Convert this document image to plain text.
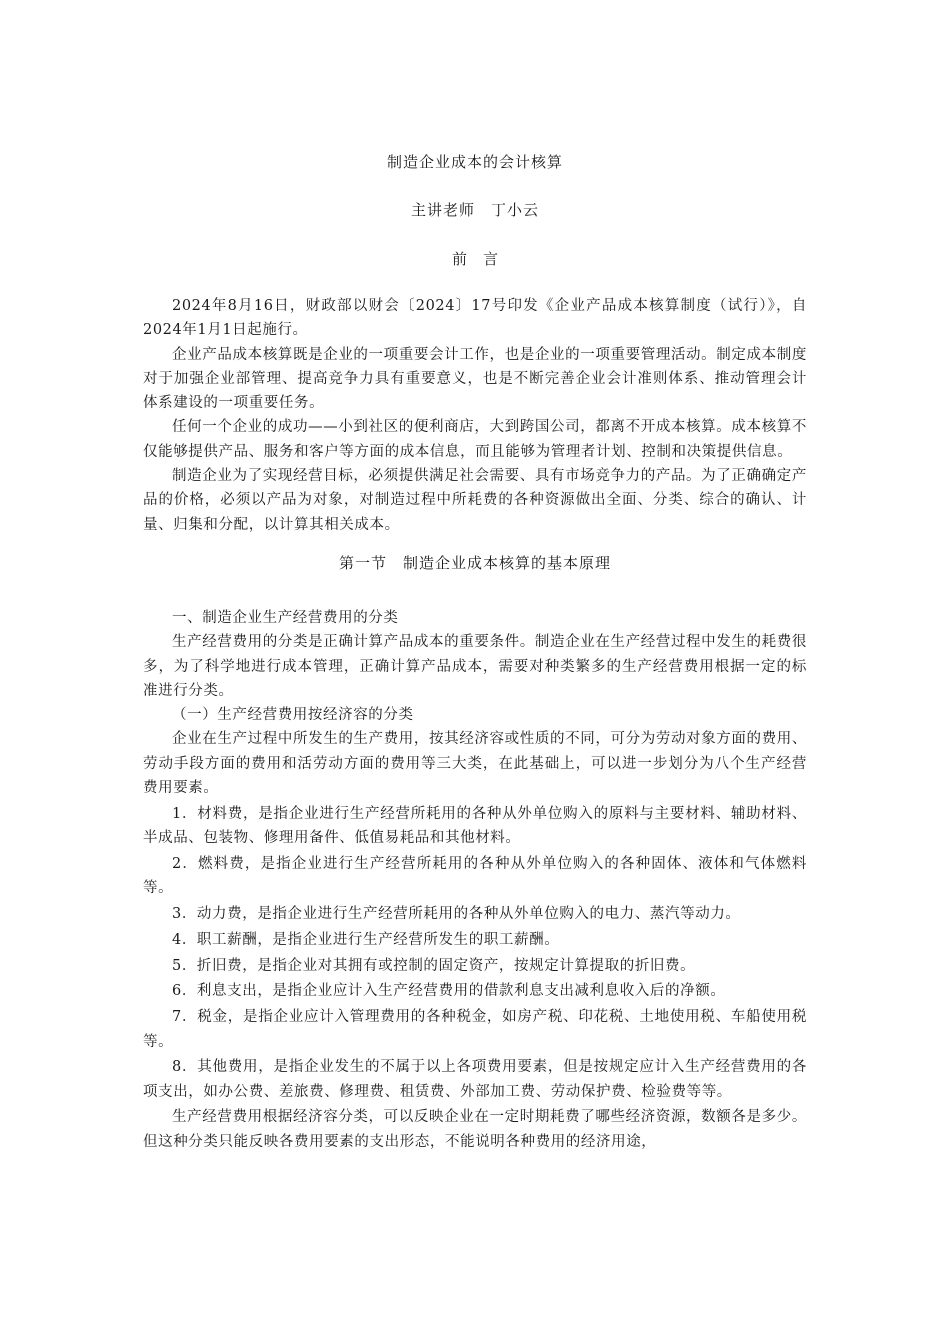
制造企业成本的会计核算
主讲老师　丁小云
前言

2024年8月16日，财政部以财会〔2024〕17号印发《企业产品成本核算制度（试行）》，自2024年1月1日起施行。

企业产品成本核算既是企业的一项重要会计工作，也是企业的一项重要管理活动。制定成本制度对于加强企业部管理、提高竞争力具有重要意义，也是不断完善企业会计准则体系、推动管理会计体系建设的一项重要任务。

任何一个企业的成功——小到社区的便利商店，大到跨国公司，都离不开成本核算。成本核算不仅能够提供产品、服务和客户等方面的成本信息，而且能够为管理者计划、控制和决策提供信息。

制造企业为了实现经营目标，必须提供满足社会需要、具有市场竞争力的产品。为了正确确定产品的价格，必须以产品为对象，对制造过程中所耗费的各种资源做出全面、分类、综合的确认、计量、归集和分配，以计算其相关成本。

第一节　制造企业成本核算的基本原理

一、制造企业生产经营费用的分类

生产经营费用的分类是正确计算产品成本的重要条件。制造企业在生产经营过程中发生的耗费很多，为了科学地进行成本管理，正确计算产品成本，需要对种类繁多的生产经营费用根据一定的标准进行分类。

（一）生产经营费用按经济容的分类

企业在生产过程中所发生的生产费用，按其经济容或性质的不同，可分为劳动对象方面的费用、劳动手段方面的费用和活劳动方面的费用等三大类，在此基础上，可以进一步划分为八个生产经营费用要素。

1．材料费，是指企业进行生产经营所耗用的各种从外单位购入的原料与主要材料、辅助材料、半成品、包装物、修理用备件、低值易耗品和其他材料。

2．燃料费，是指企业进行生产经营所耗用的各种从外单位购入的各种固体、液体和气体燃料等。

3．动力费，是指企业进行生产经营所耗用的各种从外单位购入的电力、蒸汽等动力。

4．职工薪酬，是指企业进行生产经营所发生的职工薪酬。

5．折旧费，是指企业对其拥有或控制的固定资产，按规定计算提取的折旧费。

6．利息支出，是指企业应计入生产经营费用的借款利息支出减利息收入后的净额。

7．税金，是指企业应计入管理费用的各种税金，如房产税、印花税、土地使用税、车船使用税等。

8．其他费用，是指企业发生的不属于以上各项费用要素，但是按规定应计入生产经营费用的各项支出，如办公费、差旅费、修理费、租赁费、外部加工费、劳动保护费、检验费等等。

生产经营费用根据经济容分类，可以反映企业在一定时期耗费了哪些经济资源，数额各是多少。但这种分类只能反映各费用要素的支出形态，不能说明各种费用的经济用途，
